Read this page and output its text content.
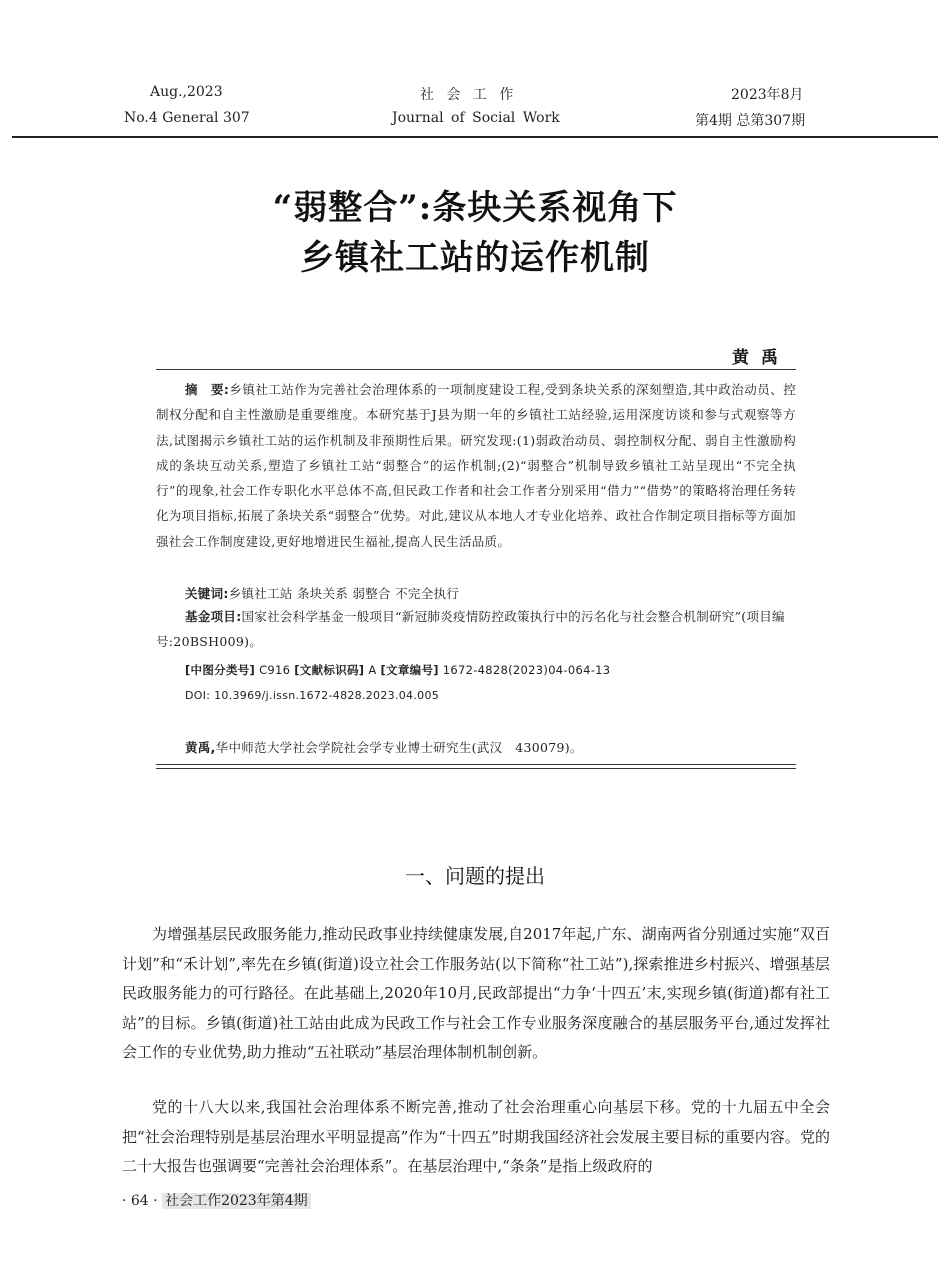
Aug.,2023
No.4 General 307
社 会 工 作
Journal of Social Work
2023年8月
第4期 总第307期
“弱整合”:条块关系视角下
乡镇社工站的运作机制
黄禹

摘　要:乡镇社工站作为完善社会治理体系的一项制度建设工程,受到条块关系的深刻塑造,其中政治动员、控制权分配和自主性激励是重要维度。本研究基于J县为期一年的乡镇社工站经验,运用深度访谈和参与式观察等方法,试图揭示乡镇社工站的运作机制及非预期性后果。研究发现:(1)弱政治动员、弱控制权分配、弱自主性激励构成的条块互动关系,塑造了乡镇社工站“弱整合”的运作机制;(2)“弱整合”机制导致乡镇社工站呈现出“不完全执行”的现象,社会工作专职化水平总体不高,但民政工作者和社会工作者分别采用“借力”“借势”的策略将治理任务转化为项目指标,拓展了条块关系“弱整合”优势。对此,建议从本地人才专业化培养、政社合作制定项目指标等方面加强社会工作制度建设,更好地增进民生福祉,提高人民生活品质。

关键词:乡镇社工站 条块关系 弱整合 不完全执行

基金项目:国家社会科学基金一般项目“新冠肺炎疫情防控政策执行中的污名化与社会整合机制研究”(项目编号:20BSH009)。

[中图分类号] C916 [文献标识码] A [文章编号] 1672-4828(2023)04-064-13
DOI: 10.3969/j.issn.1672-4828.2023.04.005
黄禹,华中师范大学社会学院社会学专业博士研究生(武汉　430079)。
一、问题的提出

为增强基层民政服务能力,推动民政事业持续健康发展,自2017年起,广东、湖南两省分别通过实施“双百计划”和“禾计划”,率先在乡镇(街道)设立社会工作服务站(以下简称“社工站”),探索推进乡村振兴、增强基层民政服务能力的可行路径。在此基础上,2020年10月,民政部提出“力争‘十四五’末,实现乡镇(街道)都有社工站”的目标。乡镇(街道)社工站由此成为民政工作与社会工作专业服务深度融合的基层服务平台,通过发挥社会工作的专业优势,助力推动“五社联动”基层治理体制机制创新。

党的十八大以来,我国社会治理体系不断完善,推动了社会治理重心向基层下移。党的十九届五中全会把“社会治理特别是基层治理水平明显提高”作为“十四五”时期我国经济社会发展主要目标的重要内容。党的二十大报告也强调要“完善社会治理体系”。在基层治理中,“条条”是指上级政府的

· 64 · 社会工作2023年第4期
